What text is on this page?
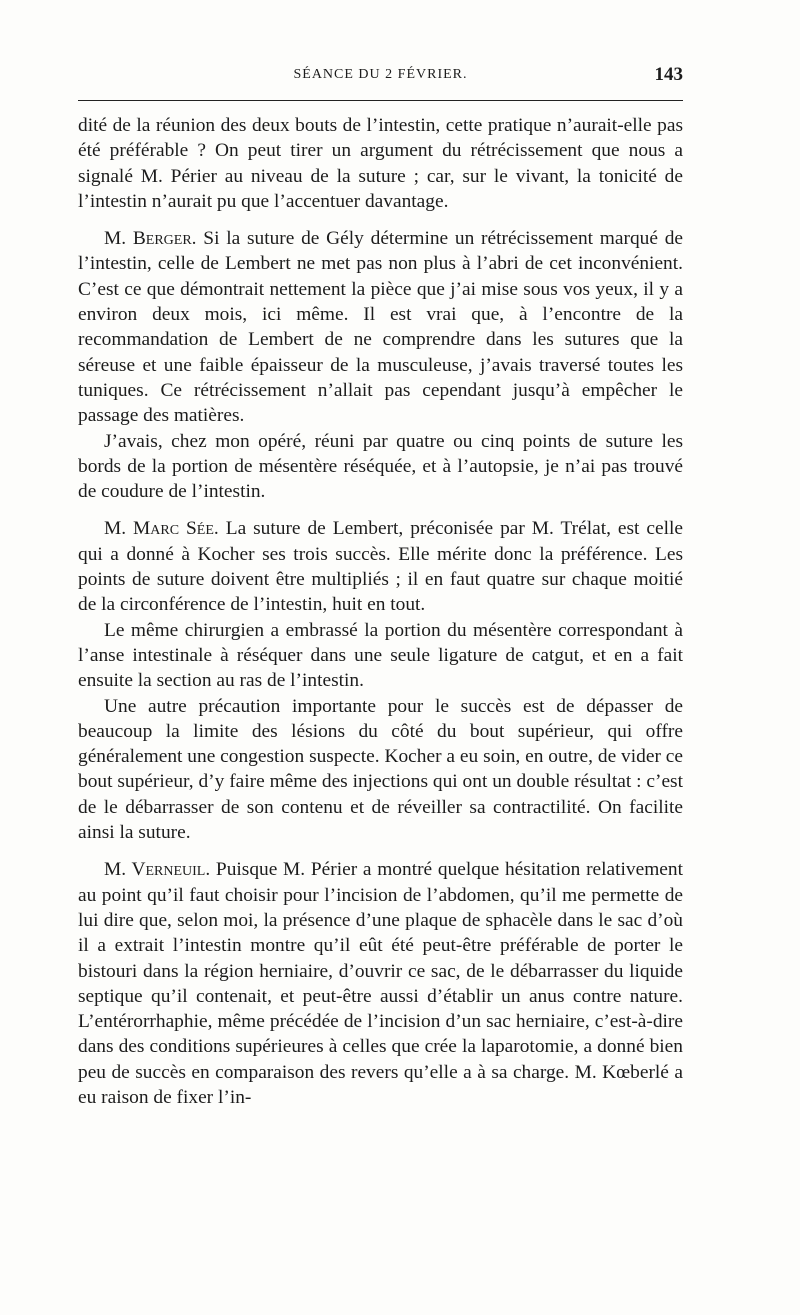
SÉANCE DU 2 FÉVRIER.	143

dité de la réunion des deux bouts de l’intestin, cette pratique n’aurait-elle pas été préférable ? On peut tirer un argument du rétrécissement que nous a signalé M. Périer au niveau de la suture ; car, sur le vivant, la tonicité de l’intestin n’aurait pu que l’accentuer davantage.

M. Berger. Si la suture de Gély détermine un rétrécissement marqué de l’intestin, celle de Lembert ne met pas non plus à l’abri de cet inconvénient. C’est ce que démontrait nettement la pièce que j’ai mise sous vos yeux, il y a environ deux mois, ici même. Il est vrai que, à l’encontre de la recommandation de Lembert de ne comprendre dans les sutures que la séreuse et une faible épaisseur de la musculeuse, j’avais traversé toutes les tuniques. Ce rétrécissement n’allait pas cependant jusqu’à empêcher le passage des matières.

J’avais, chez mon opéré, réuni par quatre ou cinq points de suture les bords de la portion de mésentère réséquée, et à l’autopsie, je n’ai pas trouvé de coudure de l’intestin.

M. Marc Sée. La suture de Lembert, préconisée par M. Trélat, est celle qui a donné à Kocher ses trois succès. Elle mérite donc la préférence. Les points de suture doivent être multipliés ; il en faut quatre sur chaque moitié de la circonférence de l’intestin, huit en tout.

Le même chirurgien a embrassé la portion du mésentère correspondant à l’anse intestinale à réséquer dans une seule ligature de catgut, et en a fait ensuite la section au ras de l’intestin.

Une autre précaution importante pour le succès est de dépasser de beaucoup la limite des lésions du côté du bout supérieur, qui offre généralement une congestion suspecte. Kocher a eu soin, en outre, de vider ce bout supérieur, d’y faire même des injections qui ont un double résultat : c’est de le débarrasser de son contenu et de réveiller sa contractilité. On facilite ainsi la suture.

M. Verneuil. Puisque M. Périer a montré quelque hésitation relativement au point qu’il faut choisir pour l’incision de l’abdomen, qu’il me permette de lui dire que, selon moi, la présence d’une plaque de sphacèle dans le sac d’où il a extrait l’intestin montre qu’il eût été peut-être préférable de porter le bistouri dans la région herniaire, d’ouvrir ce sac, de le débarrasser du liquide septique qu’il contenait, et peut-être aussi d’établir un anus contre nature. L’entérorrhaphie, même précédée de l’incision d’un sac herniaire, c’est-à-dire dans des conditions supérieures à celles que crée la laparotomie, a donné bien peu de succès en comparaison des revers qu’elle a à sa charge. M. Kœberlé a eu raison de fixer l’in-
